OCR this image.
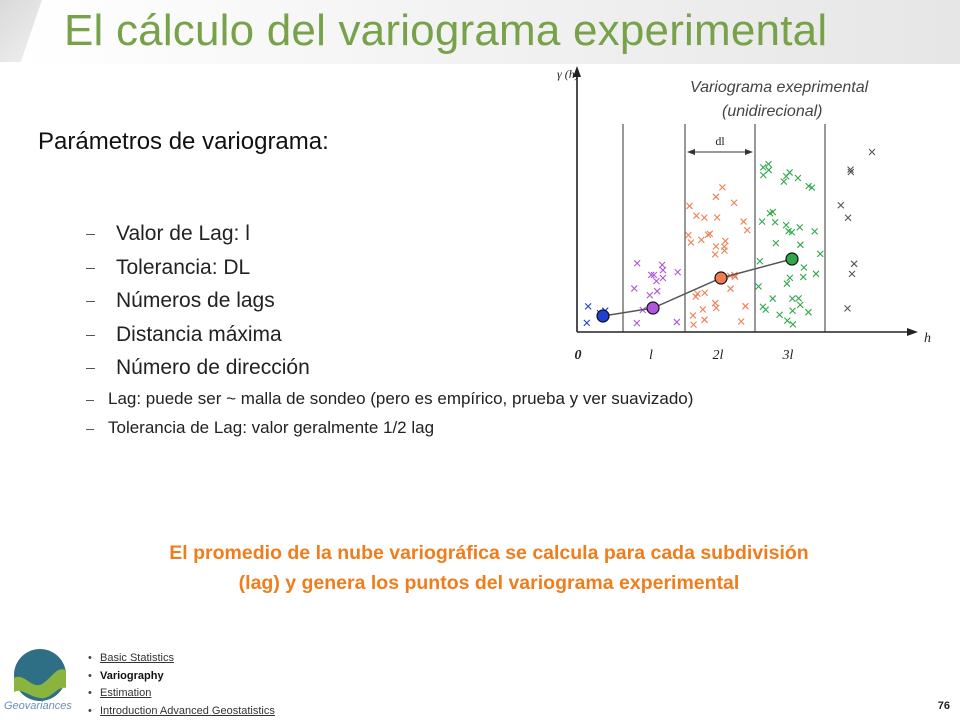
El cálculo del variograma experimental
Parámetros de variograma:
Valor de Lag: l
Tolerancia: DL
Números de lags
Distancia máxima
Número de dirección
Lag: puede ser ~ malla de sondeo (pero es empírico, prueba y ver suavizado)
Tolerancia de Lag: valor geralmente 1/2 lag
Variograma exeprimental
(unidirecional)
γ (h)
h
dl
0	l	2l	3l
El promedio de la nube variográfica se calcula para cada subdivisión
(lag) y genera los puntos del variograma experimental
Geovariances
• Basic Statistics
• Variography
• Estimation
• Introduction Advanced Geostatistics	76
